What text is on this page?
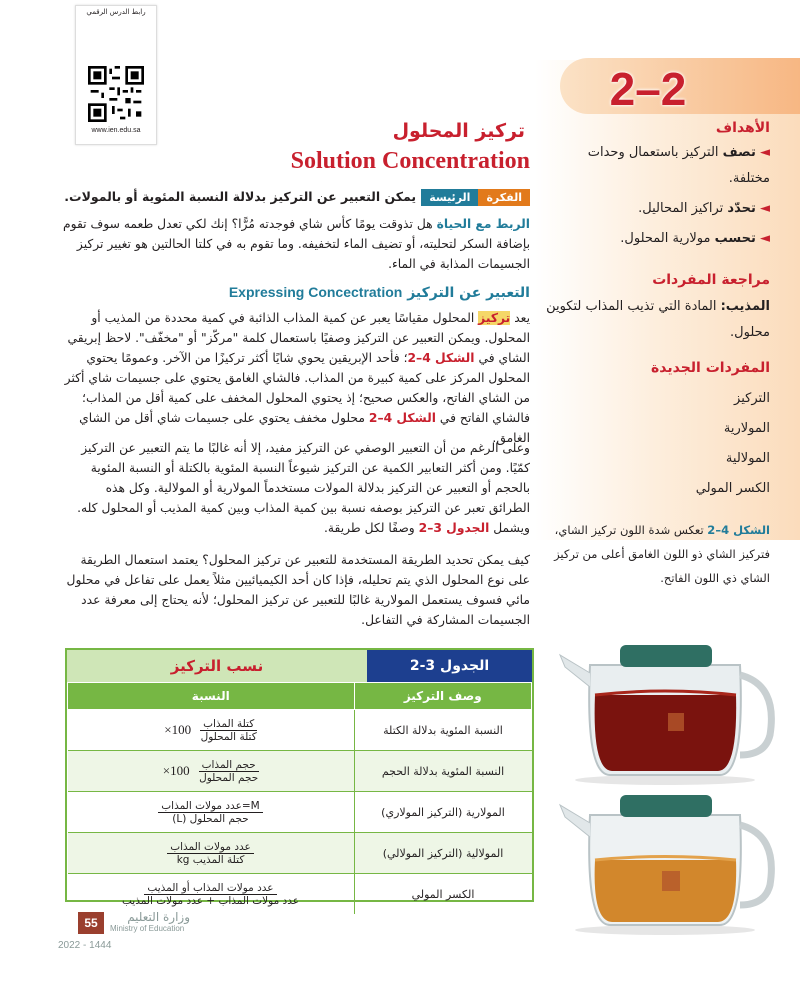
2–2
رابط الدرس الرقمي
www.ien.edu.sa	تركيز المحلول
Solution Concentration
الفكرةالرئيسة يمكن التعبير عن التركيز بدلالة النسبة المئوية أو بالمولات.
الربط مع الحياة هل تذوقت يومًا كأس شاي فوجدته مُرًّا؟ إنك لكي تعدل طعمه سوف تقوم بإضافة السكر لتحليته، أو تضيف الماء لتخفيفه. وما تقوم به في كلتا الحالتين هو تغيير تركيز الجسيمات المذابة في الماء.
Expressing Concectration التعبير عن التركيز
يعد تركيز المحلول مقياسًا يعبر عن كمية المذاب الذائبة في كمية محددة من المذيب أو المحلول. ويمكن التعبير عن التركيز وصفيًا باستعمال كلمة "مركّز" أو "مخفّف". لاحظ إبريقي الشاي في الشكل 4–2؛ فأحد الإبريقين يحوي شايًا أكثر تركيزًا من الآخر. وعمومًا يحتوي المحلول المركز على كمية كبيرة من المذاب. فالشاي الغامق يحتوي على جسيمات شاي أكثر من الشاي الفاتح، والعكس صحيح؛ إذ يحتوي المحلول المخفف على كمية أقل من المذاب؛ فالشاي الفاتح في الشكل 4–2 محلول مخفف يحتوي على جسيمات شاي أقل من الشاي الغامق.
وعلى الرغم من أن التعبير الوصفي عن التركيز مفيد، إلا أنه غالبًا ما يتم التعبير عن التركيز كمّيًا. ومن أكثر التعابير الكمية عن التركيز شيوعاً النسبة المئوية بالكتلة أو النسبة المئوية بالحجم أو التعبير عن التركيز بدلالة المولات مستخدماً المولارية أو المولالية. وكل هذه الطرائق تعبر عن التركيز بوصفه نسبة بين كمية المذاب وبين كمية المذيب أو المحلول كله. ويشمل الجدول 3–2 وصفًا لكل طريقة.
كيف يمكن تحديد الطريقة المستخدمة للتعبير عن تركيز المحلول؟ يعتمد استعمال الطريقة على نوع المحلول الذي يتم تحليله، فإذا كان أحد الكيميائيين مثلاً يعمل على تفاعل في محلول مائي فسوف يستعمل المولارية غالبًا للتعبير عن تركيز المحلول؛ لأنه يحتاج إلى معرفة عدد الجسيمات المشاركة في التفاعل.
الأهداف
◄ تصف التركيز باستعمال وحدات مختلفة.
◄ تحدّد تراكيز المحاليل.
◄ تحسب مولارية المحلول.
مراجعة المفردات
المذيب: المادة التي تذيب المذاب لتكوين محلول.
المفردات الجديدة
التركيز
المولارية
المولالية
الكسر المولي
الشكل 4–2 تعكس شدة اللون تركيز الشاي، فتركيز الشاي ذو اللون الغامق أعلى من تركيز الشاي ذي اللون الفاتح.
نسب التركيز	الجدول 3-2
وصف التركيز	النسبة
النسبة المئوية بدلالة الكتلة	$\frac{\text{كتلة المذاب}}{\text{كتلة المحلول}}$
100×
النسبة المئوية بدلالة الحجم	$\frac{\text{حجم المذاب}}{\text{حجم المحلول}}$
100×
المولارية (التركيز المولاري)	$\frac{\text{M=عدد مولات المذاب}}{\text{حجم المحلول (L)}}$

المولالية (التركيز المولالي)	$\frac{\text{عدد مولات المذاب}}{\text{كتلة المذيب kg}}$

الكسر المولي	$\frac{\text{عدد مولات المذاب أو المذيب}}{\text{عدد مولات المذاب + عدد مولات المذيب}}$
55	وزارة التعليم
Ministry of Education
2022 - 1444
